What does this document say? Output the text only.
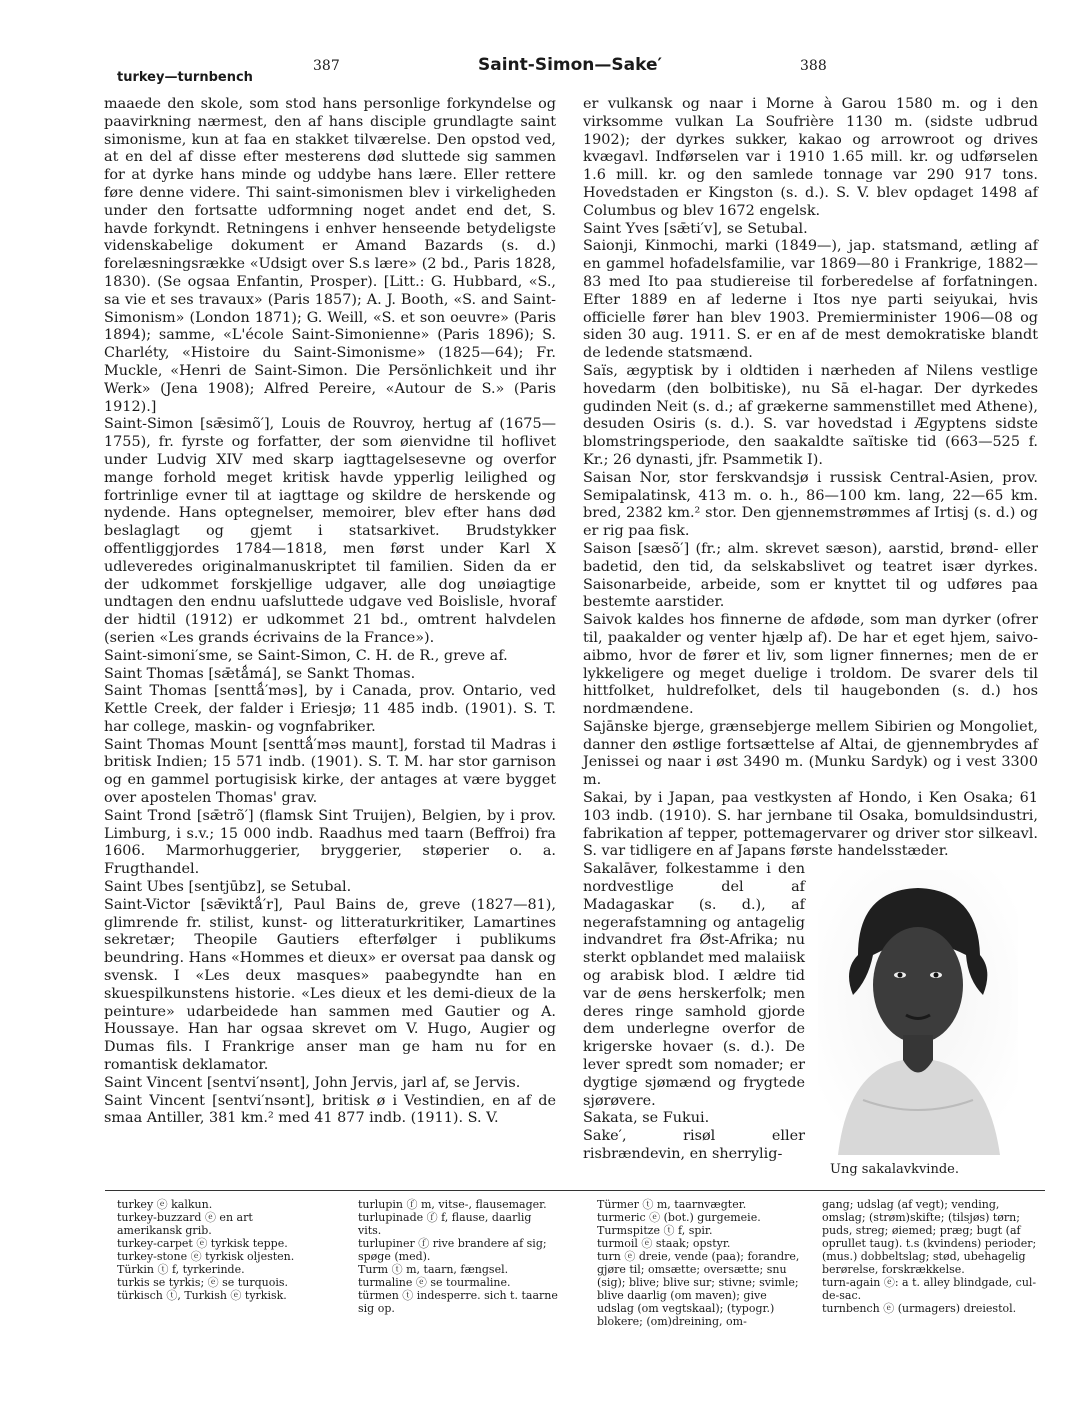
turkey—turnbench
387	Saint-Simon—Sake′	388

maaede den skole, som stod hans personlige forkyndelse og paavirkning nærmest, den af hans disciple grundlagte saint simonisme, kun at faa en stakket tilværelse. Den opstod ved, at en del af disse efter mesterens død sluttede sig sammen for at dyrke hans minde og uddybe hans lære. Eller rettere føre denne videre. Thi saint-simonismen blev i virkeligheden under den fortsatte udformning noget andet end det, S. havde forkyndt. Retningens i enhver henseende betydeligste videnskabelige dokument er Amand Bazards (s. d.) forelæsningsrække «Udsigt over S.s lære» (2 bd., Paris 1828, 1830). (Se ogsaa Enfantin, Prosper). [Litt.: G. Hubbard, «S., sa vie et ses travaux» (Paris 1857); A. J. Booth, «S. and Saint-Simonism» (London 1871); G. Weill, «S. et son oeuvre» (Paris 1894); samme, «L'école Saint-Simonienne» (Paris 1896); S. Charléty, «Histoire du Saint-Simonisme» (1825—64); Fr. Muckle, «Henri de Saint-Simon. Die Persönlichkeit und ihr Werk» (Jena 1908); Alfred Pereire, «Autour de S.» (Paris 1912).]

Saint-Simon [sǣsimõ′], Louis de Rouvroy, hertug af (1675—1755), fr. fyrste og forfatter, der som øienvidne til hoflivet under Ludvig XIV med skarp iagttagelsesevne og overfor mange forhold meget kritisk havde ypperlig leilighed og fortrinlige evner til at iagttage og skildre de herskende og nydende. Hans optegnelser, memoirer, blev efter hans død beslaglagt og gjemt i statsarkivet. Brudstykker offentliggjordes 1784—1818, men først under Karl X udleveredes originalmanuskriptet til familien. Siden da er der udkommet forskjellige udgaver, alle dog unøiagtige undtagen den endnu uafsluttede udgave ved Boislisle, hvoraf der hidtil (1912) er udkommet 21 bd., omtrent halvdelen (serien «Les grands écrivains de la France»).

Saint-simoni′sme, se Saint-Simon, C. H. de R., greve af.

Saint Thomas [sǣtǻmá], se Sankt Thomas.

Saint Thomas [senttǻ′məs], by i Canada, prov. Ontario, ved Kettle Creek, der falder i Eriesjø; 11 485 indb. (1901). S. T. har college, maskin- og vognfabriker.

Saint Thomas Mount [senttǻ′məs maunt], forstad til Madras i britisk Indien; 15 571 indb. (1901). S. T. M. har stor garnison og en gammel portugisisk kirke, der antages at være bygget over apostelen Thomas' grav.

Saint Trond [sǣtrõ′] (flamsk Sint Truijen), Belgien, by i prov. Limburg, i s.v.; 15 000 indb. Raadhus med taarn (Beffroi) fra 1606. Marmorhuggerier, bryggerier, støperier o. a. Frugthandel.

Saint Ubes [sentjūbz], se Setubal.

Saint-Victor [sǣviktǻ′r], Paul Bains de, greve (1827—81), glimrende fr. stilist, kunst- og litteraturkritiker, Lamartines sekretær; Theopile Gautiers efterfølger i publikums beundring. Hans «Hommes et dieux» er oversat paa dansk og svensk. I «Les deux masques» paabegyndte han en skuespilkunstens historie. «Les dieux et les demi-dieux de la peinture» udarbeidede han sammen med Gautier og A. Houssaye. Han har ogsaa skrevet om V. Hugo, Augier og Dumas fils. I Frankrige anser man ge ham nu for en romantisk deklamator.

Saint Vincent [sentvi′nsənt], John Jervis, jarl af, se Jervis.

Saint Vincent [sentvi′nsənt], britisk ø i Vestindien, en af de smaa Antiller, 381 km.² med 41 877 indb. (1911). S. V.

er vulkansk og naar i Morne à Garou 1580 m. og i den virksomme vulkan La Soufrière 1130 m. (sidste udbrud 1902); der dyrkes sukker, kakao og arrowroot og drives kvægavl. Indførselen var i 1910 1.65 mill. kr. og udførselen 1.6 mill. kr. og den samlede tonnage var 290 917 tons. Hovedstaden er Kingston (s. d.). S. V. blev opdaget 1498 af Columbus og blev 1672 engelsk.

Saint Yves [sǣti′v], se Setubal.

Saionji, Kinmochi, marki (1849—), jap. statsmand, ætling af en gammel hofadelsfamilie, var 1869—80 i Frankrige, 1882—83 med Ito paa studiereise til forberedelse af forfatningen. Efter 1889 en af lederne i Itos nye parti seiyukai, hvis officielle fører han blev 1903. Premierminister 1906—08 og siden 30 aug. 1911. S. er en af de mest demokratiske blandt de ledende statsmænd.

Saïs, ægyptisk by i oldtiden i nærheden af Nilens vestlige hovedarm (den bolbitiske), nu Sā el-hagar. Der dyrkedes gudinden Neit (s. d.; af grækerne sammenstillet med Athene), desuden Osiris (s. d.). S. var hovedstad i Ægyptens sidste blomstringsperiode, den saakaldte saïtiske tid (663—525 f. Kr.; 26 dynasti, jfr. Psammetik I).

Saisan Nor, stor ferskvandsjø i russisk Central-Asien, prov. Semipalatinsk, 413 m. o. h., 86—100 km. lang, 22—65 km. bred, 2382 km.² stor. Den gjennemstrømmes af Irtisj (s. d.) og er rig paa fisk.

Saison [sæsõ′] (fr.; alm. skrevet sæson), aarstid, brønd- eller badetid, den tid, da selskabslivet og teatret især dyrkes. Saisonarbeide, arbeide, som er knyttet til og udføres paa bestemte aarstider.

Saivok kaldes hos finnerne de afdøde, som man dyrker (ofrer til, paakalder og venter hjælp af). De har et eget hjem, saivo-aibmo, hvor de fører et liv, som ligner finnernes; men de er lykkeligere og meget duelige i troldom. De svarer dels til hittfolket, huldrefolket, dels til haugebonden (s. d.) hos nordmændene.

Sajānske bjerge, grænsebjerge mellem Sibirien og Mongoliet, danner den østlige fortsættelse af Altai, de gjennembrydes af Jenissei og naar i øst 3490 m. (Munku Sardyk) og i vest 3300 m.

Sakai, by i Japan, paa vestkysten af Hondo, i Ken Osaka; 61 103 indb. (1910). S. har jernbane til Osaka, bomuldsindustri, fabrikation af tepper, pottemagervarer og driver stor silkeavl. S. var tidligere en af Japans første handelsstæder.

Sakalāver, folkestamme i den nordvestlige del af Madagaskar (s. d.), af negerafstamning og antagelig indvandret fra Øst-Afrika; nu sterkt opblandet med malaiisk og arabisk blod. I ældre tid var de øens herskerfolk; men deres ringe samhold gjorde dem underlegne overfor de krigerske hovaer (s. d.). De lever spredt som nomader; er dygtige sjømænd og frygtede sjørøvere.

Sakata, se Fukui.

Sake′, risøl eller risbrændevin, en sherrylig-

Ung sakalavkvinde.
turkey ⓔ kalkun.
turkey-buzzard ⓔ en art amerikansk grib.
turkey-carpet ⓔ tyrkisk teppe.
turkey-stone ⓔ tyrkisk oljesten.
Türkin ⓣ f, tyrkerinde.
turkis se tyrkis; ⓔ se turquois.
türkisch ⓣ, Turkish ⓔ tyrkisk.
turlupin ⓕ m, vitse-, flausemager.
turlupinade ⓕ f, flause, daarlig vits.
turlupiner ⓕ rive brandere af sig; spøge (med).
Turm ⓣ m, taarn, fængsel.
turmaline ⓔ se tourmaline.
türmen ⓣ indesperre. sich t. taarne sig op.
Türmer ⓣ m, taarnvægter.
turmeric ⓔ (bot.) gurgemeie.
Turmspitze ⓣ f, spir.
turmoil ⓔ staak; opstyr.
turn ⓔ dreie, vende (paa); forandre, gjøre til; omsætte; oversætte; snu (sig); blive; blive sur; stivne; svimle; blive daarlig (om maven); give udslag (om vegtskaal); (typogr.) blokere; (om)dreining, om-
gang; udslag (af vegt); vending, omslag; (strøm)skifte; (tilsjøs) tørn; puds, streg; øiemed; præg; bugt (af oprullet taug). t.s (kvindens) perioder; (mus.) dobbeltslag; stød, ubehagelig berørelse, forskrækkelse.
turn-again ⓔ: a t. alley blindgade, cul-de-sac.
turnbench ⓔ (urmagers) dreiestol.
